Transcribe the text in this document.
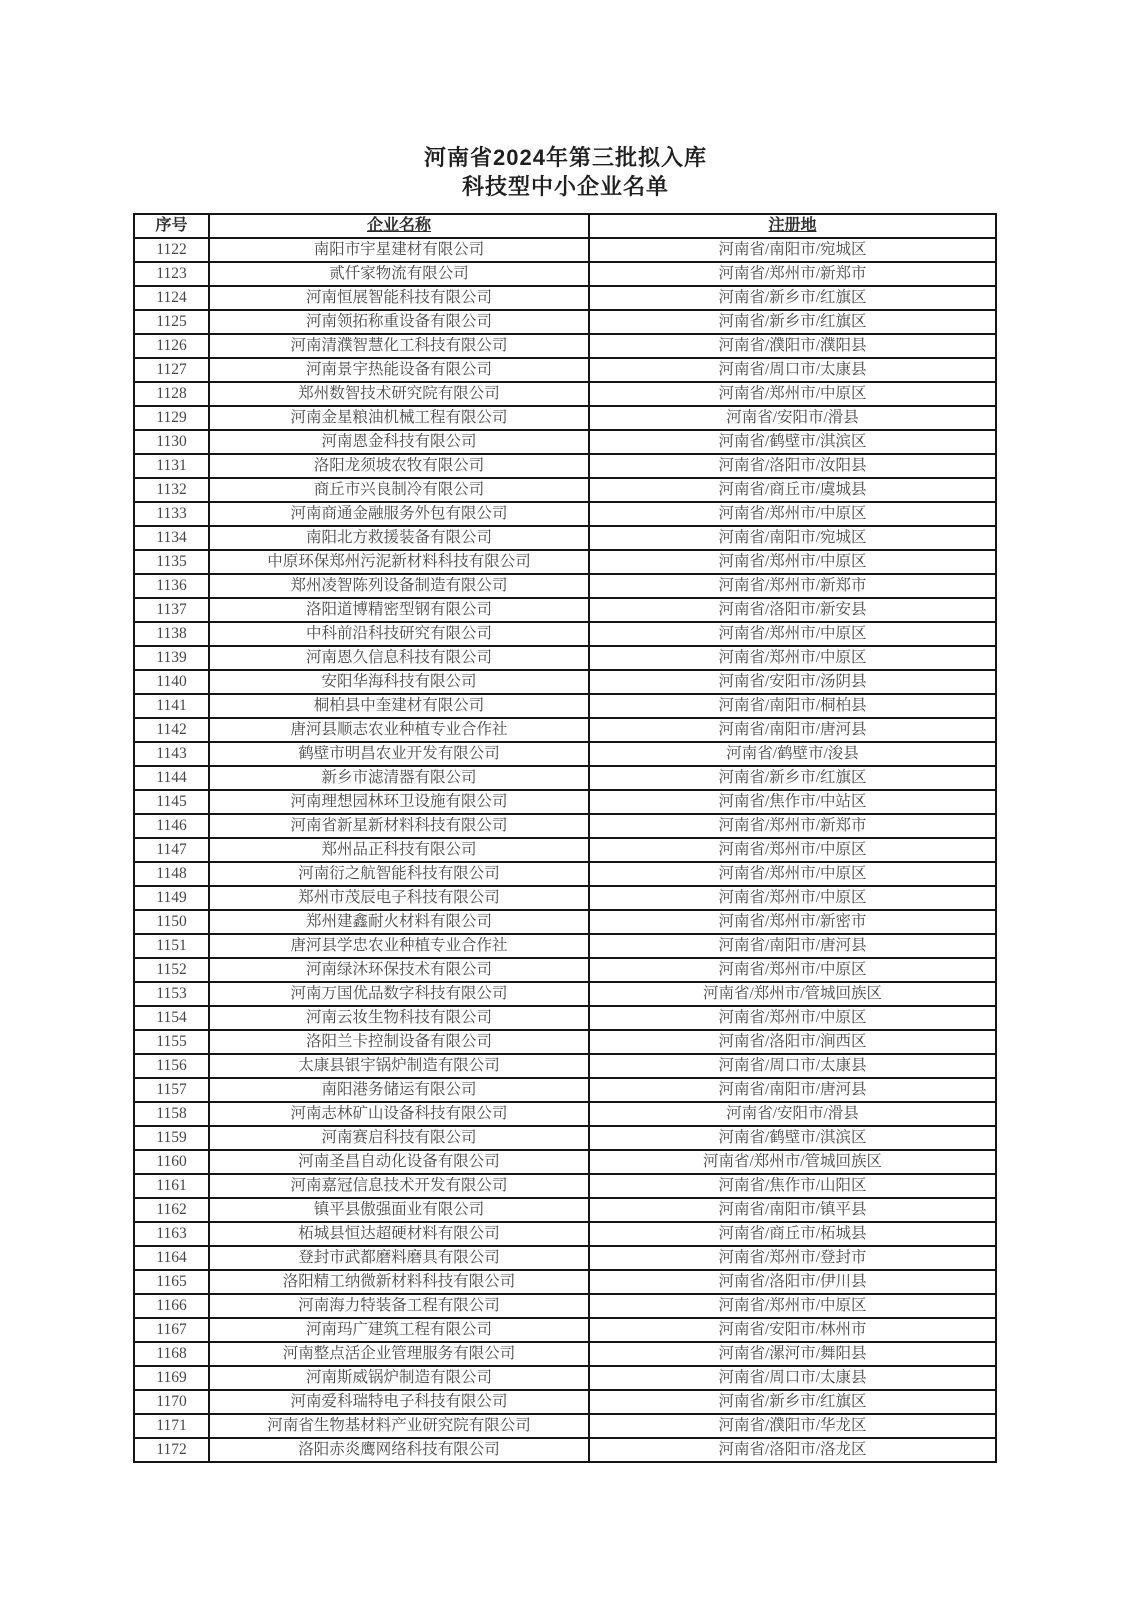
河南省2024年第三批拟入库
科技型中小企业名单
序号	企业名称	注册地
1122	南阳市宇星建材有限公司	河南省/南阳市/宛城区
1123	贰仟家物流有限公司	河南省/郑州市/新郑市
1124	河南恒展智能科技有限公司	河南省/新乡市/红旗区
1125	河南领拓称重设备有限公司	河南省/新乡市/红旗区
1126	河南清濮智慧化工科技有限公司	河南省/濮阳市/濮阳县
1127	河南景宇热能设备有限公司	河南省/周口市/太康县
1128	郑州数智技术研究院有限公司	河南省/郑州市/中原区
1129	河南金星粮油机械工程有限公司	河南省/安阳市/滑县
1130	河南恩金科技有限公司	河南省/鹤壁市/淇滨区
1131	洛阳龙须坡农牧有限公司	河南省/洛阳市/汝阳县
1132	商丘市兴良制冷有限公司	河南省/商丘市/虞城县
1133	河南商通金融服务外包有限公司	河南省/郑州市/中原区
1134	南阳北方救援装备有限公司	河南省/南阳市/宛城区
1135	中原环保郑州污泥新材料科技有限公司	河南省/郑州市/中原区
1136	郑州凌智陈列设备制造有限公司	河南省/郑州市/新郑市
1137	洛阳道博精密型钢有限公司	河南省/洛阳市/新安县
1138	中科前沿科技研究有限公司	河南省/郑州市/中原区
1139	河南恩久信息科技有限公司	河南省/郑州市/中原区
1140	安阳华海科技有限公司	河南省/安阳市/汤阴县
1141	桐柏县中奎建材有限公司	河南省/南阳市/桐柏县
1142	唐河县顺志农业种植专业合作社	河南省/南阳市/唐河县
1143	鹤壁市明昌农业开发有限公司	河南省/鹤壁市/浚县
1144	新乡市滤清器有限公司	河南省/新乡市/红旗区
1145	河南理想园林环卫设施有限公司	河南省/焦作市/中站区
1146	河南省新星新材料科技有限公司	河南省/郑州市/新郑市
1147	郑州品正科技有限公司	河南省/郑州市/中原区
1148	河南衍之航智能科技有限公司	河南省/郑州市/中原区
1149	郑州市茂辰电子科技有限公司	河南省/郑州市/中原区
1150	郑州建鑫耐火材料有限公司	河南省/郑州市/新密市
1151	唐河县学忠农业种植专业合作社	河南省/南阳市/唐河县
1152	河南绿沐环保技术有限公司	河南省/郑州市/中原区
1153	河南万国优品数字科技有限公司	河南省/郑州市/管城回族区
1154	河南云妆生物科技有限公司	河南省/郑州市/中原区
1155	洛阳兰卡控制设备有限公司	河南省/洛阳市/涧西区
1156	太康县银宇锅炉制造有限公司	河南省/周口市/太康县
1157	南阳港务储运有限公司	河南省/南阳市/唐河县
1158	河南志林矿山设备科技有限公司	河南省/安阳市/滑县
1159	河南赛启科技有限公司	河南省/鹤壁市/淇滨区
1160	河南圣昌自动化设备有限公司	河南省/郑州市/管城回族区
1161	河南嘉冠信息技术开发有限公司	河南省/焦作市/山阳区
1162	镇平县傲强面业有限公司	河南省/南阳市/镇平县
1163	柘城县恒达超硬材料有限公司	河南省/商丘市/柘城县
1164	登封市武都磨料磨具有限公司	河南省/郑州市/登封市
1165	洛阳精工纳微新材料科技有限公司	河南省/洛阳市/伊川县
1166	河南海力特装备工程有限公司	河南省/郑州市/中原区
1167	河南玛广建筑工程有限公司	河南省/安阳市/林州市
1168	河南整点活企业管理服务有限公司	河南省/漯河市/舞阳县
1169	河南斯威锅炉制造有限公司	河南省/周口市/太康县
1170	河南爱科瑞特电子科技有限公司	河南省/新乡市/红旗区
1171	河南省生物基材料产业研究院有限公司	河南省/濮阳市/华龙区
1172	洛阳赤炎鹰网络科技有限公司	河南省/洛阳市/洛龙区
